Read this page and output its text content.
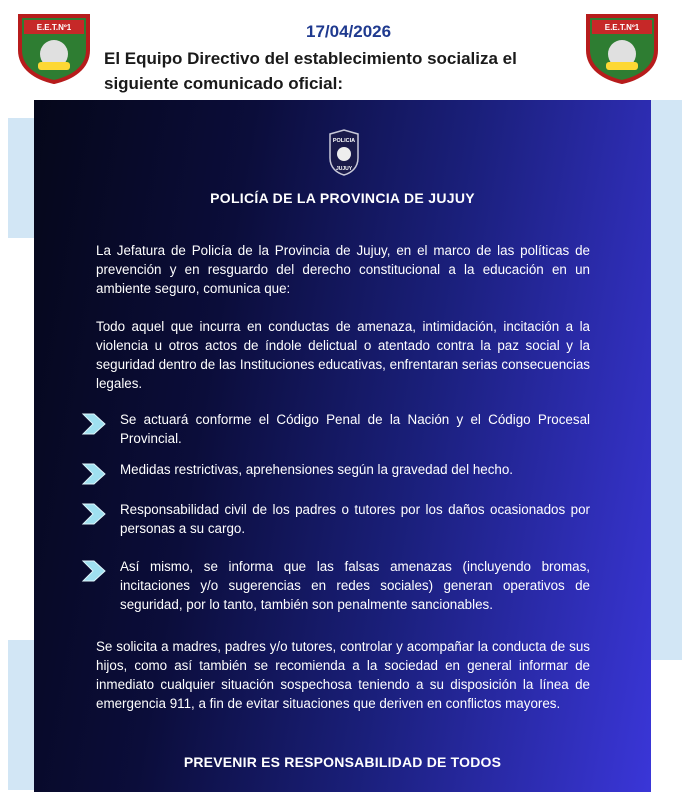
E.E.T.Nº1	E.E.T.Nº1
17/04/2026
El Equipo Directivo del establecimiento socializa el siguiente comunicado oficial:
POLICIA
JUJUY
POLICÍA DE LA PROVINCIA DE JUJUY
La Jefatura de Policía de la Provincia de Jujuy, en el marco de las políticas de prevención y en resguardo del derecho constitucional a la educación en un ambiente seguro, comunica que:
Todo aquel que incurra en conductas de amenaza, intimidación, incitación a la violencia u otros actos de índole delictual o atentado contra la paz social y la seguridad dentro de las Instituciones educativas, enfrentaran serias consecuencias legales.
Se actuará conforme el Código Penal de la Nación y el Código Procesal Provincial.
Medidas restrictivas, aprehensiones según la gravedad del hecho.
Responsabilidad civil de los padres o tutores por los daños ocasionados por personas a su cargo.
Así mismo, se informa que las falsas amenazas (incluyendo bromas, incitaciones y/o sugerencias en redes sociales) generan operativos de seguridad, por lo tanto, también son penalmente sancionables.
Se solicita a madres, padres y/o tutores, controlar y acompañar la conducta de sus hijos, como así también se recomienda a la sociedad en general informar de inmediato cualquier situación sospechosa teniendo a su disposición la línea de emergencia 911, a fin de evitar situaciones que deriven en conflictos mayores.
PREVENIR ES RESPONSABILIDAD DE TODOS
